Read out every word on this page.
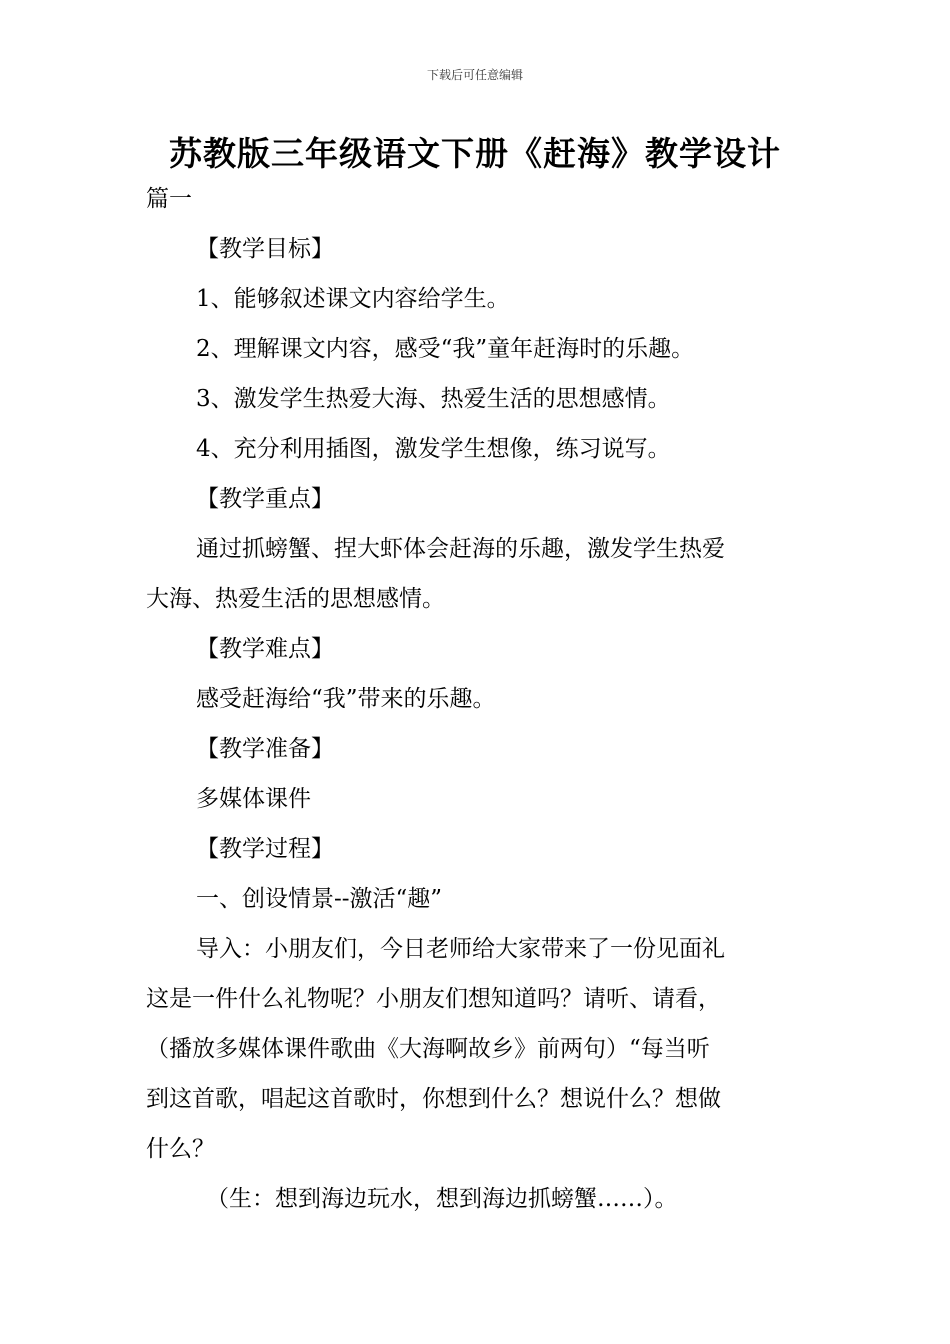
下载后可任意编辑
苏教版三年级语文下册《赶海》教学设计
篇一
【教学目标】
1、能够叙述课文内容给学生。
2、理解课文内容，感受“我”童年赶海时的乐趣。
3、激发学生热爱大海、热爱生活的思想感情。
4、充分利用插图，激发学生想像，练习说写。
【教学重点】
通过抓螃蟹、捏大虾体会赶海的乐趣，激发学生热爱
大海、热爱生活的思想感情。
【教学难点】
感受赶海给“我”带来的乐趣。
【教学准备】
多媒体课件
【教学过程】
一、创设情景--激活“趣”
导入：小朋友们，今日老师给大家带来了一份见面礼
这是一件什么礼物呢？小朋友们想知道吗？请听、请看，
（播放多媒体课件歌曲《大海啊故乡》前两句）“每当听
到这首歌，唱起这首歌时，你想到什么？想说什么？想做
什么？
（生：想到海边玩水，想到海边抓螃蟹……）。
